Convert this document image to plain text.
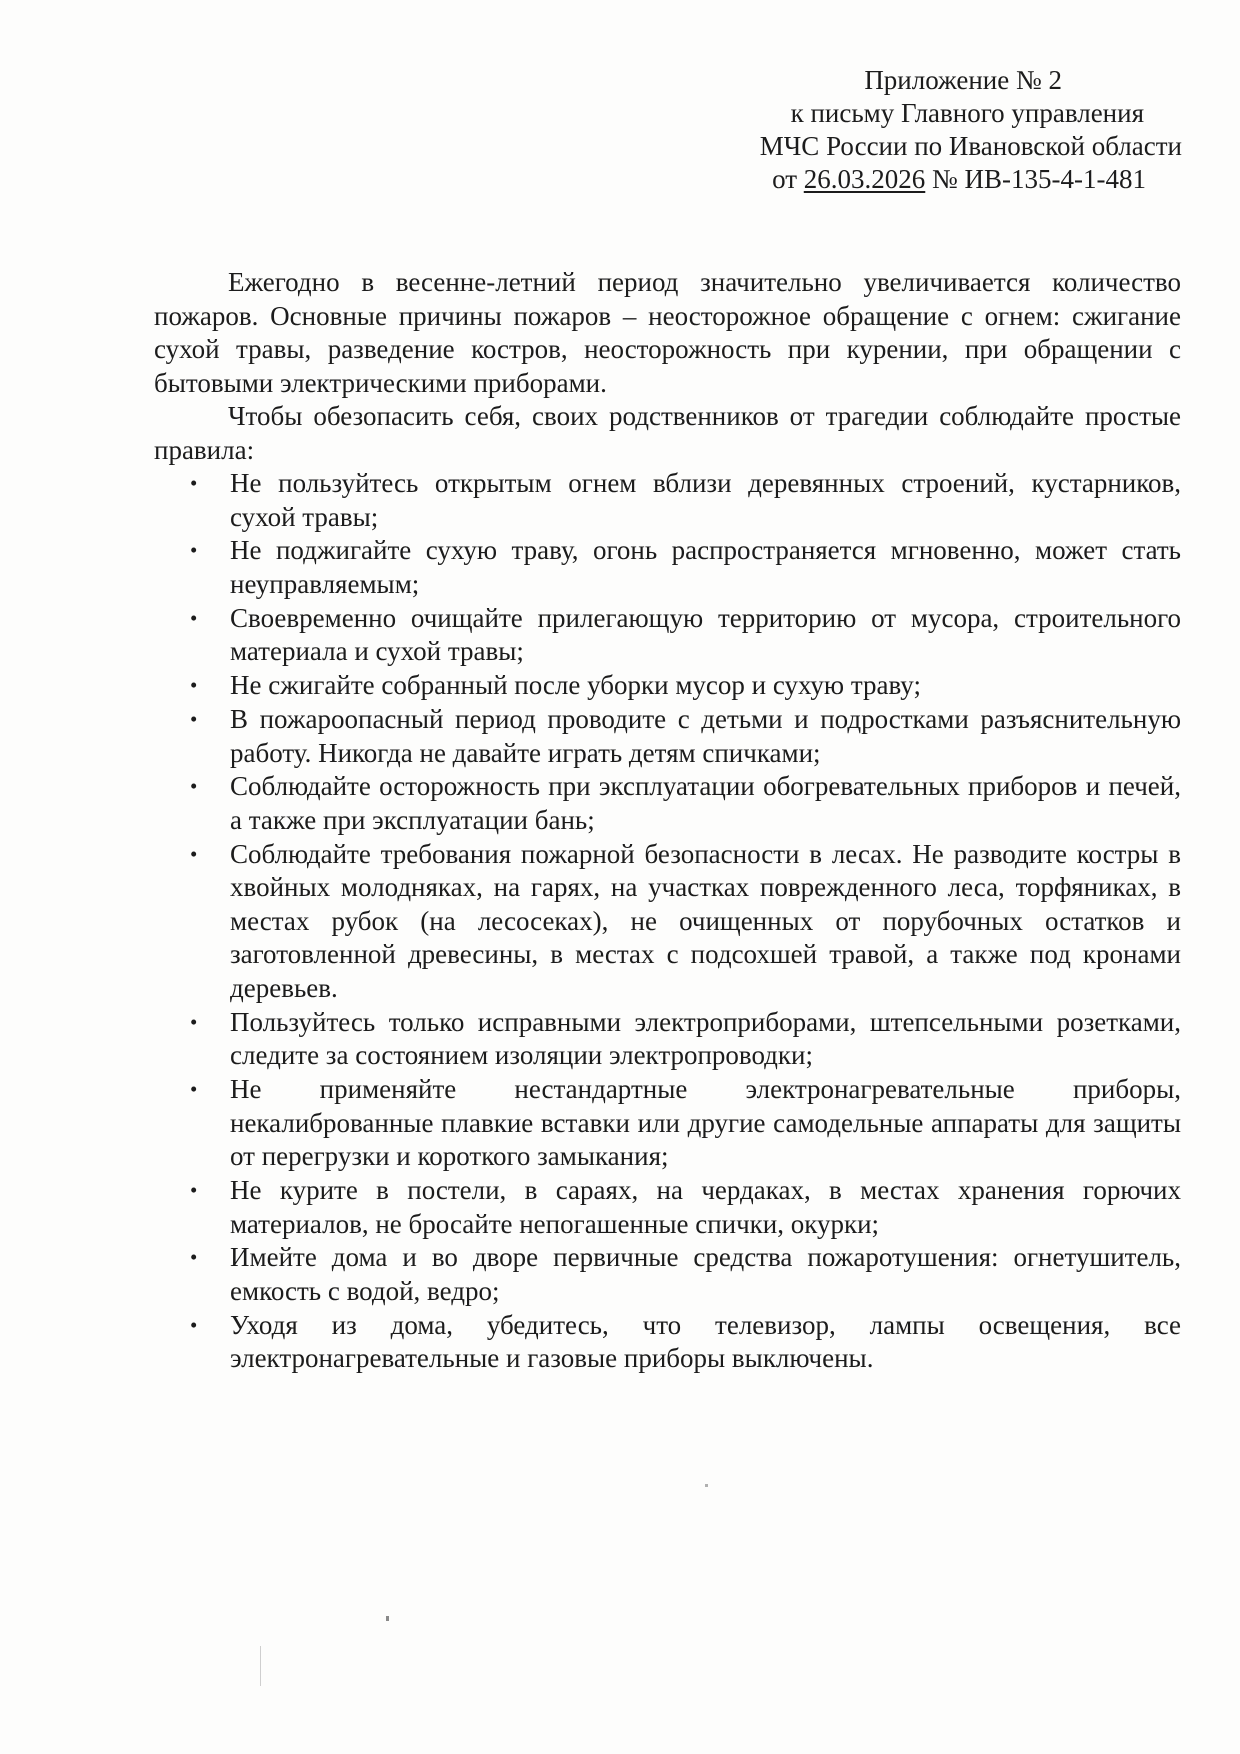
Приложение № 2
к письму Главного управления
МЧС России по Ивановской области
от 26.03.2026 № ИВ-135-4-1-481

Ежегодно в весенне-летний период значительно увеличивается количество пожаров. Основные причины пожаров – неосторожное обращение с огнем: сжигание сухой травы, разведение костров, неосторожность при курении, при обращении с бытовыми электрическими приборами.

Чтобы обезопасить себя, своих родственников от трагедии соблюдайте простые правила:

• Не пользуйтесь открытым огнем вблизи деревянных строений, кустарников, сухой травы;
• Не поджигайте сухую траву, огонь распространяется мгновенно, может стать неуправляемым;
• Своевременно очищайте прилегающую территорию от мусора, строительного материала и сухой травы;
• Не сжигайте собранный после уборки мусор и сухую траву;
• В пожароопасный период проводите с детьми и подростками разъяснительную работу. Никогда не давайте играть детям спичками;
• Соблюдайте осторожность при эксплуатации обогревательных приборов и печей, а также при эксплуатации бань;
• Соблюдайте требования пожарной безопасности в лесах. Не разводите костры в хвойных молодняках, на гарях, на участках поврежденного леса, торфяниках, в местах рубок (на лесосеках), не очищенных от порубочных остатков и заготовленной древесины, в местах с подсохшей травой, а также под кронами деревьев.
• Пользуйтесь только исправными электроприборами, штепсельными розетками, следите за состоянием изоляции электропроводки;
• Не применяйте нестандартные электронагревательные приборы, некалиброванные плавкие вставки или другие самодельные аппараты для защиты от перегрузки и короткого замыкания;
• Не курите в постели, в сараях, на чердаках, в местах хранения горючих материалов, не бросайте непогашенные спички, окурки;
• Имейте дома и во дворе первичные средства пожаротушения: огнетушитель, емкость с водой, ведро;
• Уходя из дома, убедитесь, что телевизор, лампы освещения, все электронагревательные и газовые приборы выключены.
